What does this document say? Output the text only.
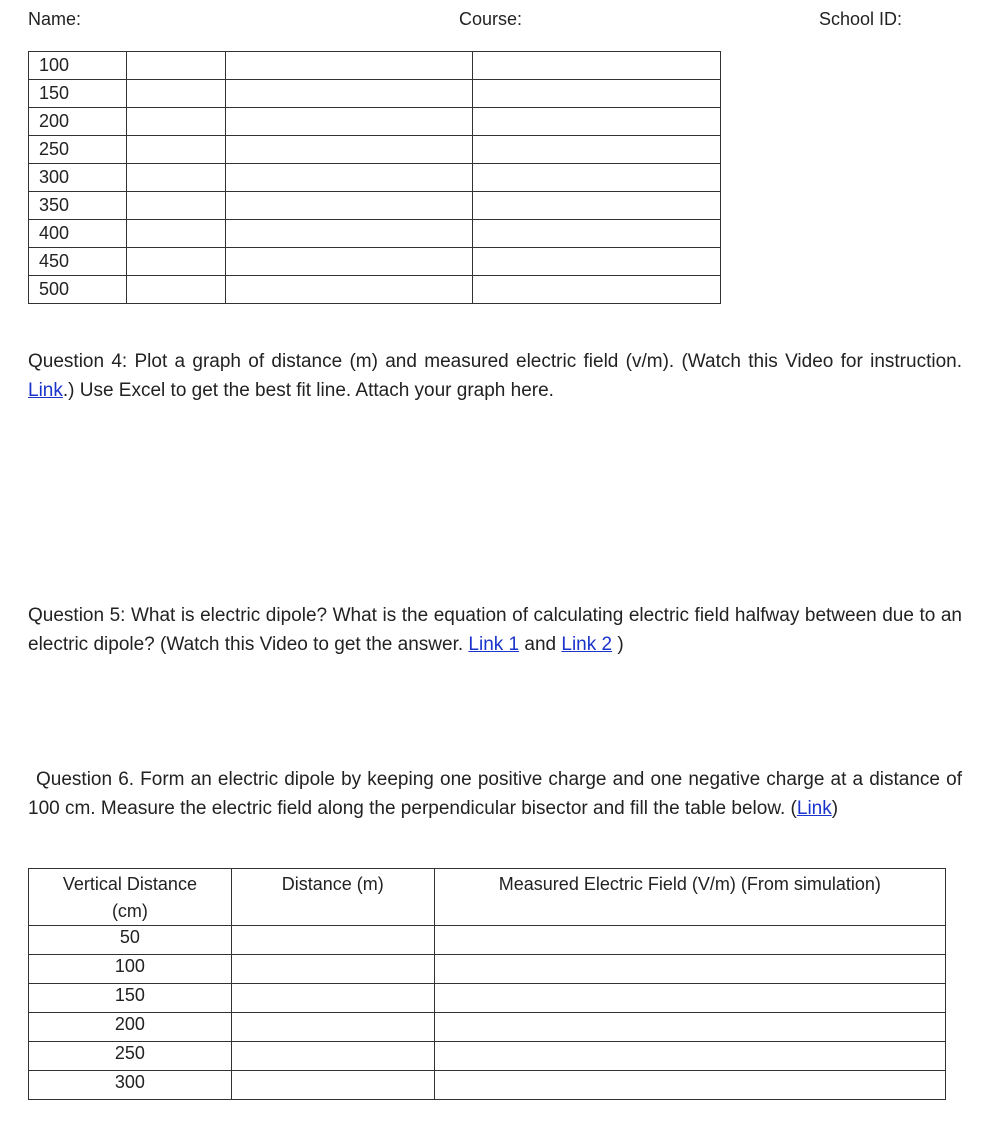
Name:	Course:	School ID:
100			
150			
200			
250			
300			
350			
400			
450			
500			
Question 4: Plot a graph of distance (m) and measured electric field (v/m). (Watch this Video for instruction. Link.) Use Excel to get the best fit line. Attach your graph here.
Question 5: What is electric dipole? What is the equation of calculating electric field halfway between due to an electric dipole? (Watch this Video to get the answer. Link 1 and Link 2 )
Question 6. Form an electric dipole by keeping one positive charge and one negative charge at a distance of 100 cm. Measure the electric field along the perpendicular bisector and fill the table below. (Link)
Vertical Distance (cm)	Distance (m)	Measured Electric Field (V/m) (From simulation)
50		
100		
150		
200		
250		
300		
